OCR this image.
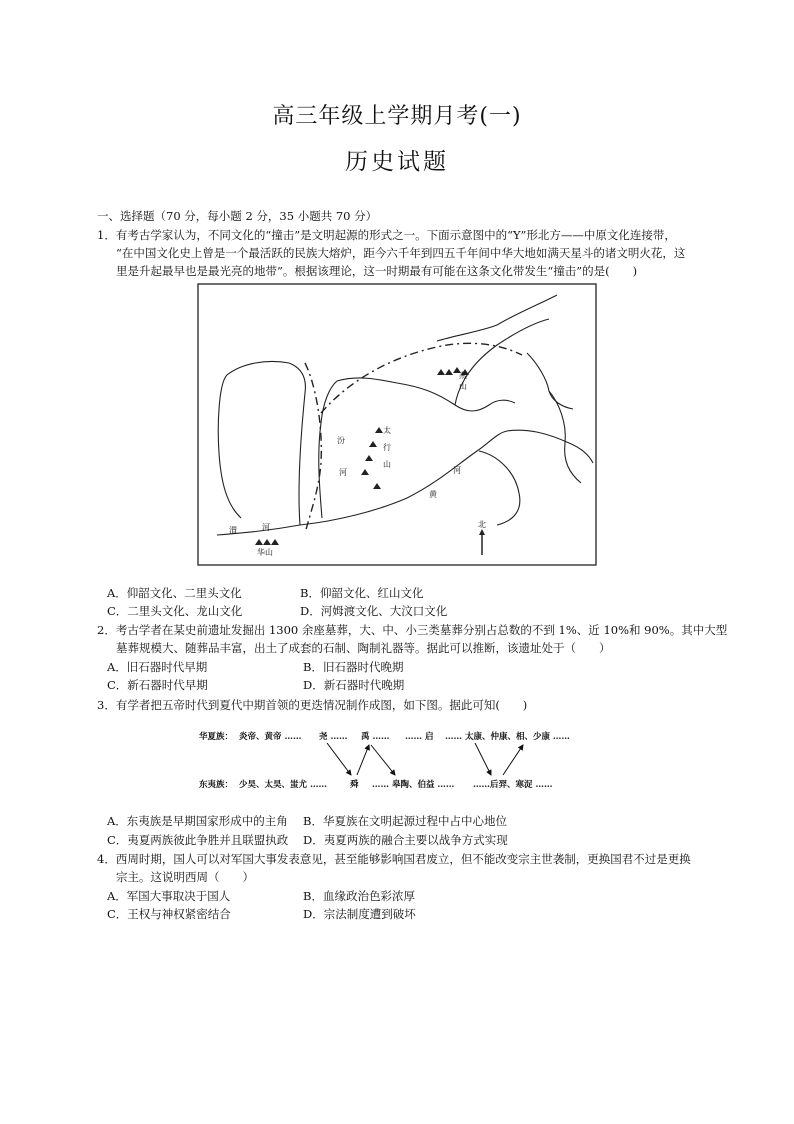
高三年级上学期月考(一)
历史试题
一、选择题（70 分，每小题 2 分，35 小题共 70 分）
1．有考古学家认为，不同文化的“撞击”是文明起源的形式之一。下面示意图中的“Y”形北方——中原文化连接带，
“在中国文化史上曾是一个最活跃的民族大熔炉，距今六千年到四五千年间中华大地如满天星斗的诸文明火花，这
里是升起最早也是最光亮的地带”。根据该理论，这一时期最有可能在这条文化带发生“撞击”的是(　　)
北
燕
山
太
行
山
汾
河	河
黄
渭	河
华山
A．仰韶文化、二里头文化	B．仰韶文化、红山文化
C．二里头文化、龙山文化	D．河姆渡文化、大汶口文化
2．考古学者在某史前遗址发掘出 1300 余座墓葬，大、中、小三类墓葬分别占总数的不到 1%、近 10%和 90%。其中大型
墓葬规模大、随葬品丰富，出土了成套的石制、陶制礼器等。据此可以推断，该遗址处于（　　）
A．旧石器时代早期	B．旧石器时代晚期
C．新石器时代早期	D．新石器时代晚期
3．有学者把五帝时代到夏代中期首领的更迭情况制作成图，如下图。据此可知(　　)
华夏族： 炎帝、黄帝 …… 尧 …… 禹 …… …… 启 …… 太康、仲康、相、少康 ……
东夷族： 少昊、太昊、蚩尤 ……	舜 …… 皋陶、伯益 …… ……后羿、寒浞 ……
A．东夷族是早期国家形成中的主角 B．华夏族在文明起源过程中占中心地位
C．夷夏两族彼此争胜并且联盟执政 D．夷夏两族的融合主要以战争方式实现
4．西周时期，国人可以对军国大事发表意见，甚至能够影响国君废立，但不能改变宗主世袭制，更换国君不过是更换
宗主。这说明西周（　　）
A．军国大事取决于国人	B．血缘政治色彩浓厚
C．王权与神权紧密结合	D．宗法制度遭到破坏
